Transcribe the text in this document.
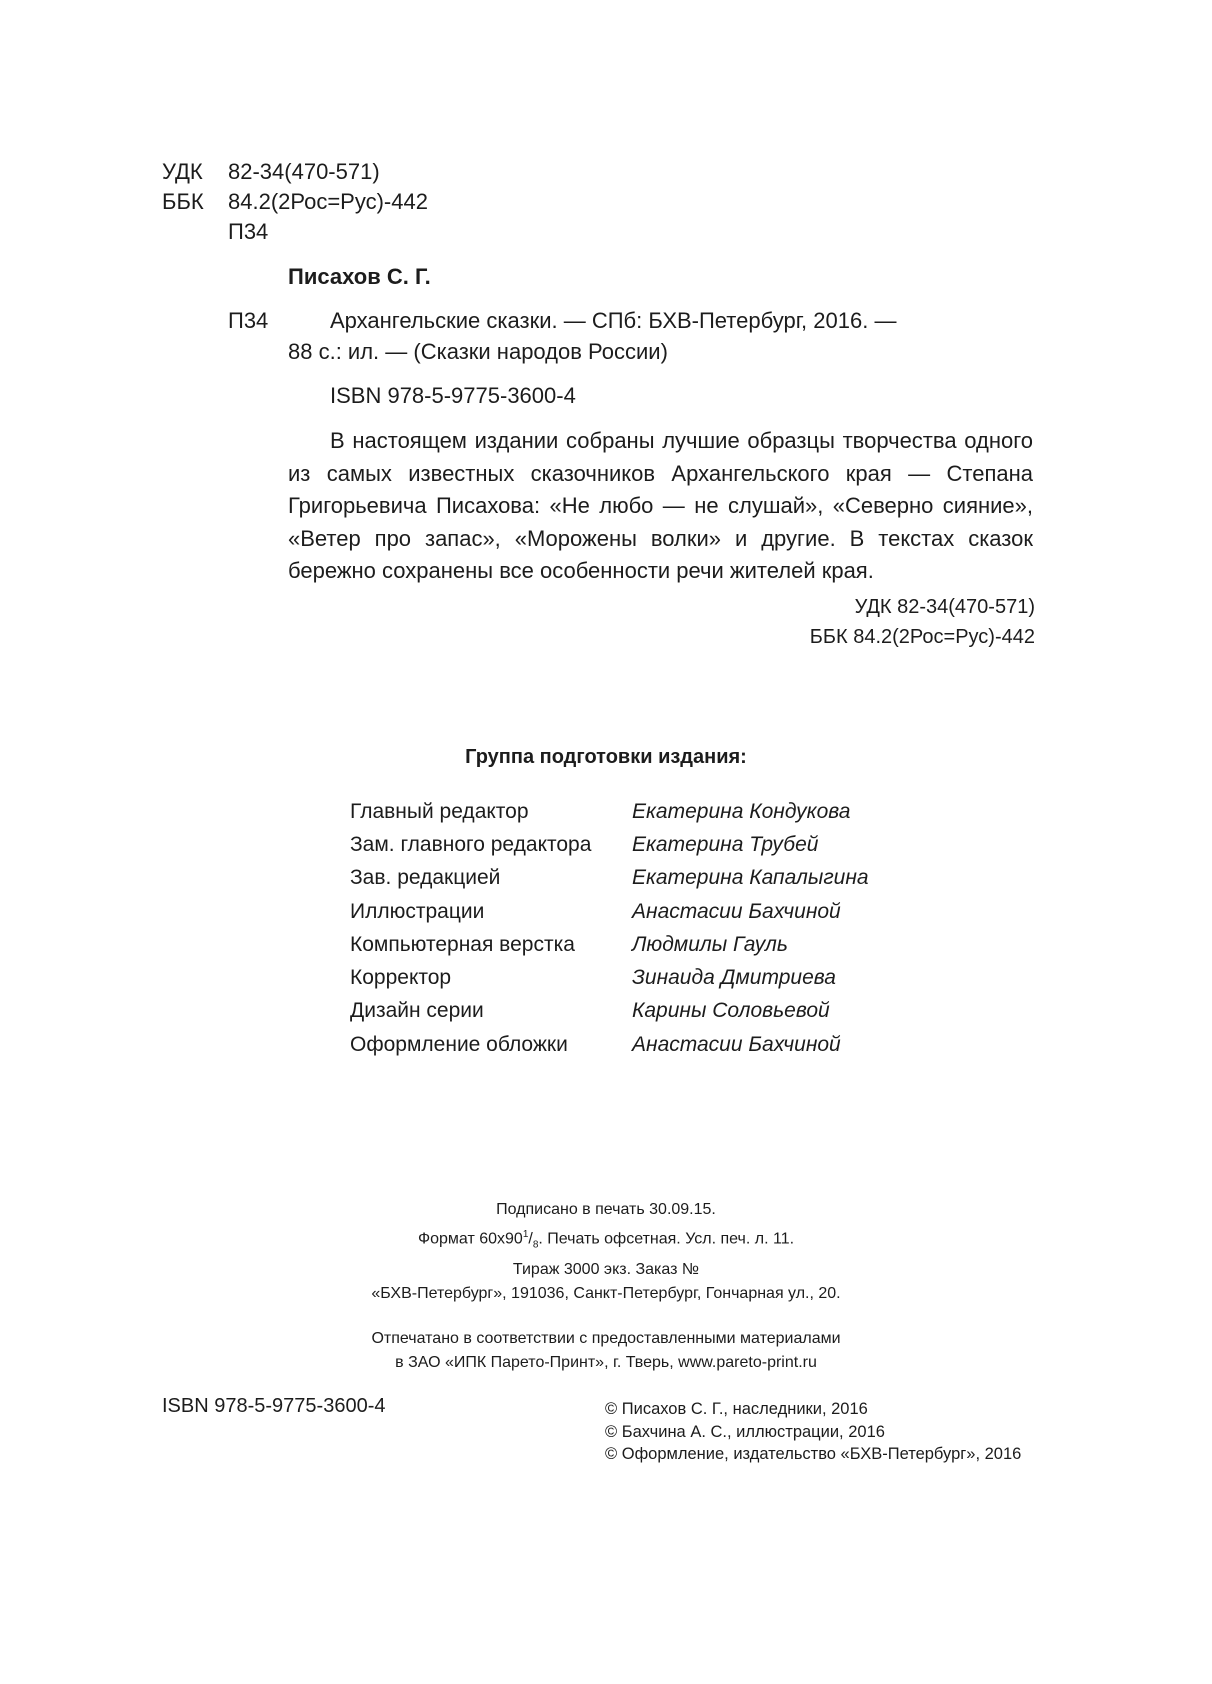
УДК 82-34(470-571)
ББК 84.2(2Рос=Рус)-442
П34
Писахов С. Г.
П34	Архангельские сказки. — СПб: БХВ-Петербург, 2016. —
88 с.: ил. — (Сказки народов России)
ISBN 978-5-9775-3600-4

В настоящем издании собраны лучшие образцы творчества одного из самых известных сказочников Архангельского края — Степана Григорьевича Писахова: «Не любо — не слушай», «Северно сияние», «Ветер про запас», «Морожены волки» и другие. В текстах сказок бережно сохранены все особенности речи жителей края.

УДК 82-34(470-571)
ББК 84.2(2Рос=Рус)-442
Группа подготовки издания:
Главный редактор	Екатерина Кондукова
Зам. главного редактора	Екатерина Трубей
Зав. редакцией	Екатерина Капалыгина
Иллюстрации	Анастасии Бахчиной
Компьютерная верстка	Людмилы Гауль
Корректор	Зинаида Дмитриева
Дизайн серии	Карины Соловьевой
Оформление обложки	Анастасии Бахчиной
Подписано в печать 30.09.15.
Формат $60х90^1/_8$. Печать офсетная. Усл. печ. л. 11.
Тираж 3000 экз. Заказ №
«БХВ-Петербург», 191036, Санкт-Петербург, Гончарная ул., 20.
Отпечатано в соответствии с предоставленными материалами
в ЗАО «ИПК Парето-Принт», г. Тверь, www.pareto-print.ru
ISBN 978-5-9775-3600-4	© Писахов С. Г., наследники, 2016
© Бахчина А. С., иллюстрации, 2016
© Оформление, издательство «БХВ-Петербург», 2016
